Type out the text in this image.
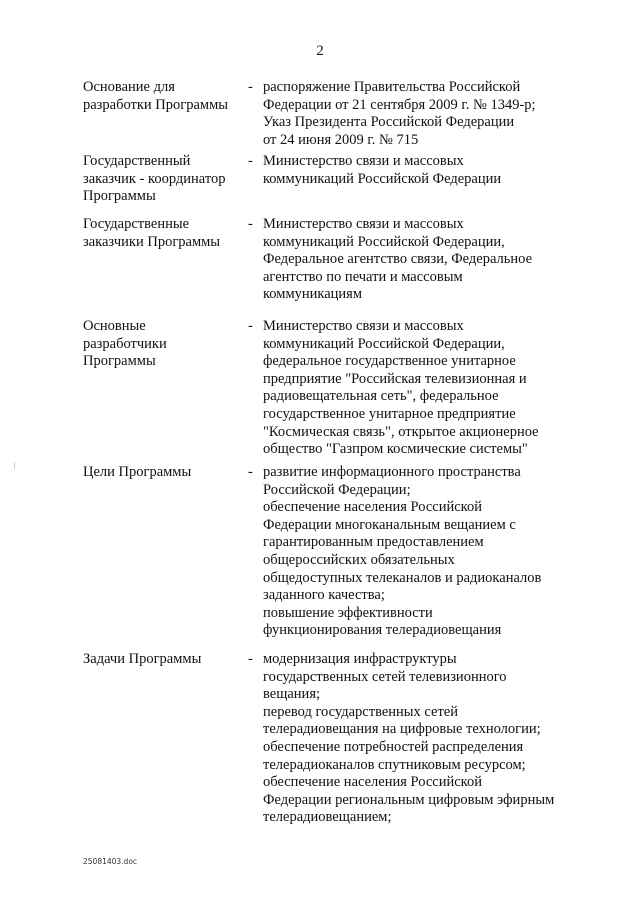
2
Основание для
разработки Программы
- распоряжение Правительства Российской
Федерации от 21 сентября 2009 г. № 1349-р;
Указ Президента Российской Федерации
от 24 июня 2009 г. № 715
Государственный
заказчик - координатор
Программы
- Министерство связи и массовых
коммуникаций Российской Федерации
Государственные
заказчики Программы
- Министерство связи и массовых
коммуникаций Российской Федерации,
Федеральное агентство связи, Федеральное
агентство по печати и массовым
коммуникациям
Основные
разработчики
Программы
- Министерство связи и массовых
коммуникаций Российской Федерации,
федеральное государственное унитарное
предприятие "Российская телевизионная и
радиовещательная сеть", федеральное
государственное унитарное предприятие
"Космическая связь", открытое акционерное
общество "Газпром космические системы"
Цели Программы	- развитие информационного пространства
Российской Федерации;
обеспечение населения Российской
Федерации многоканальным вещанием с
гарантированным предоставлением
общероссийских обязательных
общедоступных телеканалов и радиоканалов
заданного качества;
повышение эффективности
функционирования телерадиовещания
Задачи Программы	- модернизация инфраструктуры
государственных сетей телевизионного
вещания;
перевод государственных сетей
телерадиовещания на цифровые технологии;
обеспечение потребностей распределения
телерадиоканалов спутниковым ресурсом;
обеспечение населения Российской
Федерации региональным цифровым эфирным
телерадиовещанием;
25081403.doc
